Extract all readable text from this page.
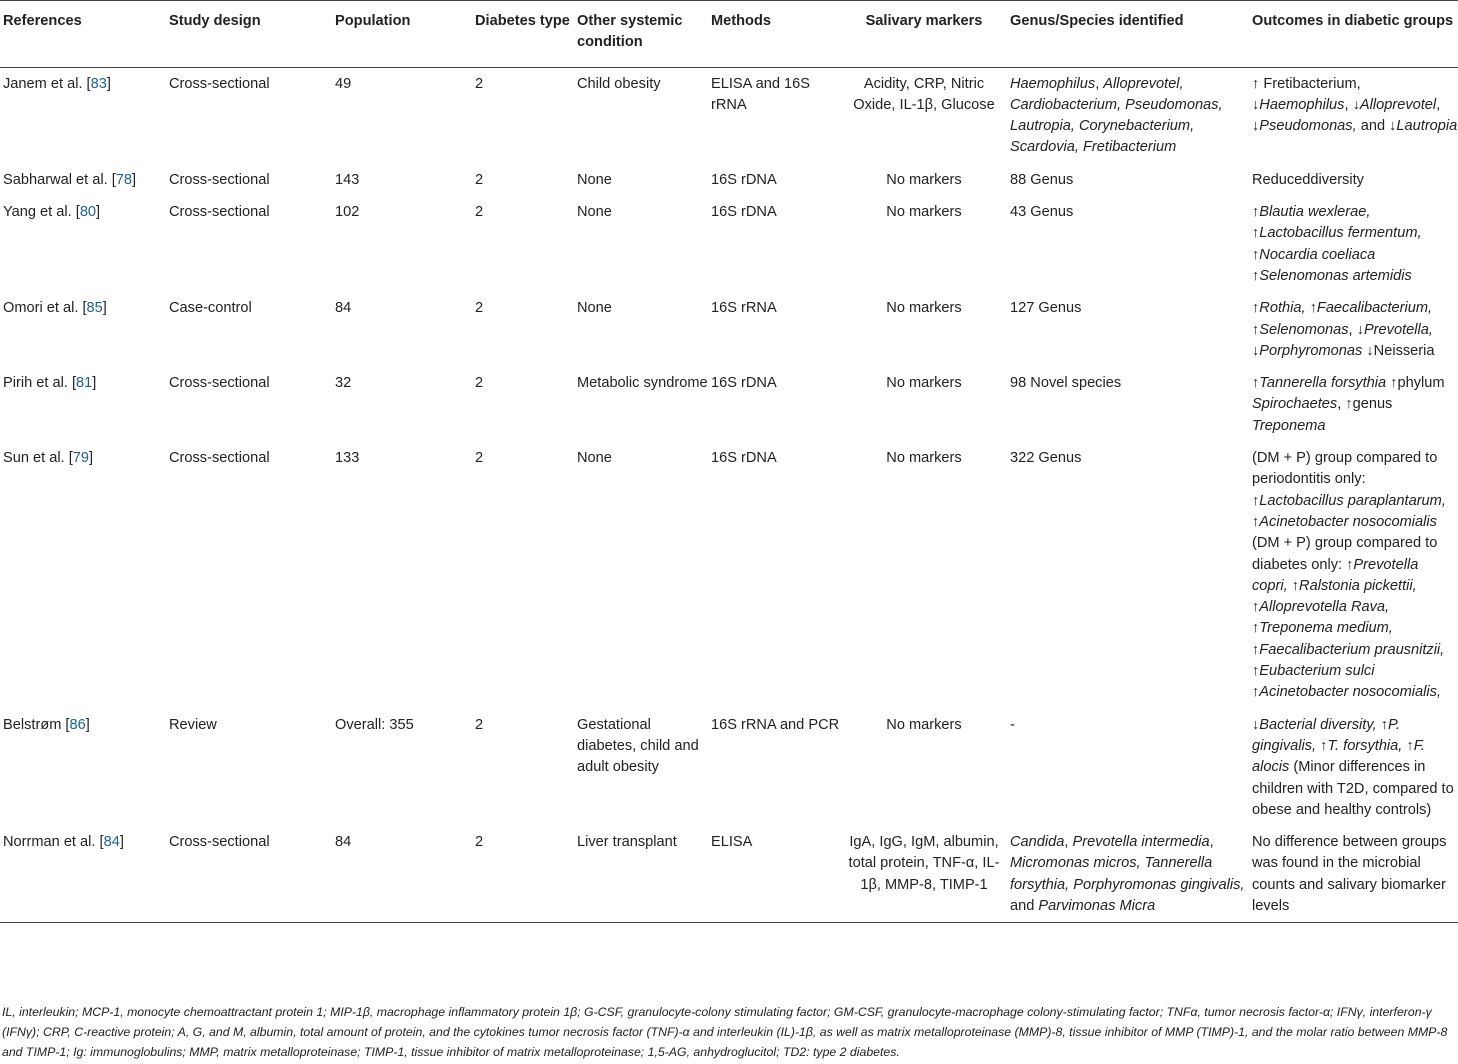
References	Study design	Population	Diabetes type	Other systemic condition	Methods	Salivary markers	Genus/Species identified	Outcomes in diabetic groups
Janem et al. [83]	Cross-sectional	49	2	Child obesity	ELISA and 16S rRNA	Acidity, CRP, Nitric Oxide, IL-1β, Glucose	Haemophilus, Alloprevotel, Cardiobacterium, Pseudomonas, Lautropia, Corynebacterium, Scardovia, Fretibacterium	↑ Fretibacterium, ↓Haemophilus, ↓Alloprevotel, ↓Pseudomonas, and ↓Lautropia
Sabharwal et al. [78]	Cross-sectional	143	2	None	16S rDNA	No markers	88 Genus	Reduceddiversity
Yang et al. [80]	Cross-sectional	102	2	None	16S rDNA	No markers	43 Genus	↑Blautia wexlerae, ↑Lactobacillus fermentum, ↑Nocardia coeliaca ↑Selenomonas artemidis
Omori et al. [85]	Case-control	84	2	None	16S rRNA	No markers	127 Genus	↑Rothia, ↑Faecalibacterium, ↑Selenomonas, ↓Prevotella, ↓Porphyromonas ↓Neisseria
Pirih et al. [81]	Cross-sectional	32	2	Metabolic syndrome	16S rDNA	No markers	98 Novel species	↑Tannerella forsythia ↑phylum Spirochaetes, ↑genus Treponema
Sun et al. [79]	Cross-sectional	133	2	None	16S rDNA	No markers	322 Genus	(DM + P) group compared to periodontitis only: ↑Lactobacillus paraplantarum, ↑Acinetobacter nosocomialis (DM + P) group compared to diabetes only: ↑Prevotella copri, ↑Ralstonia pickettii, ↑Alloprevotella Rava, ↑Treponema medium, ↑Faecalibacterium prausnitzii, ↑Eubacterium sulci ↑Acinetobacter nosocomialis,
Belstrøm [86]	Review	Overall: 355	2	Gestational diabetes, child and adult obesity	16S rRNA and PCR	No markers	-	↓Bacterial diversity, ↑P. gingivalis, ↑T. forsythia, ↑F. alocis (Minor differences in children with T2D, compared to obese and healthy controls)
Norrman et al. [84]	Cross-sectional	84	2	Liver transplant	ELISA	IgA, IgG, IgM, albumin, total protein, TNF-α, IL-1β, MMP-8, TIMP-1	Candida, Prevotella intermedia, Micromonas micros, Tannerella forsythia, Porphyromonas gingivalis, and Parvimonas Micra	No difference between groups was found in the microbial counts and salivary biomarker levels
IL, interleukin; MCP-1, monocyte chemoattractant protein 1; MIP-1β, macrophage inflammatory protein 1β; G-CSF, granulocyte-colony stimulating factor; GM-CSF, granulocyte-macrophage colony-stimulating factor; TNFα, tumor necrosis factor-α; IFNγ, interferon-γ (IFNγ); CRP, C-reactive protein; A, G, and M, albumin, total amount of protein, and the cytokines tumor necrosis factor (TNF)-α and interleukin (IL)-1β, as well as matrix metalloproteinase (MMP)-8, tissue inhibitor of MMP (TIMP)-1, and the molar ratio between MMP-8 and TIMP-1; Ig: immunoglobulins; MMP, matrix metalloproteinase; TIMP-1, tissue inhibitor of matrix metalloproteinase; 1,5-AG, anhydroglucitol; TD2: type 2 diabetes.
